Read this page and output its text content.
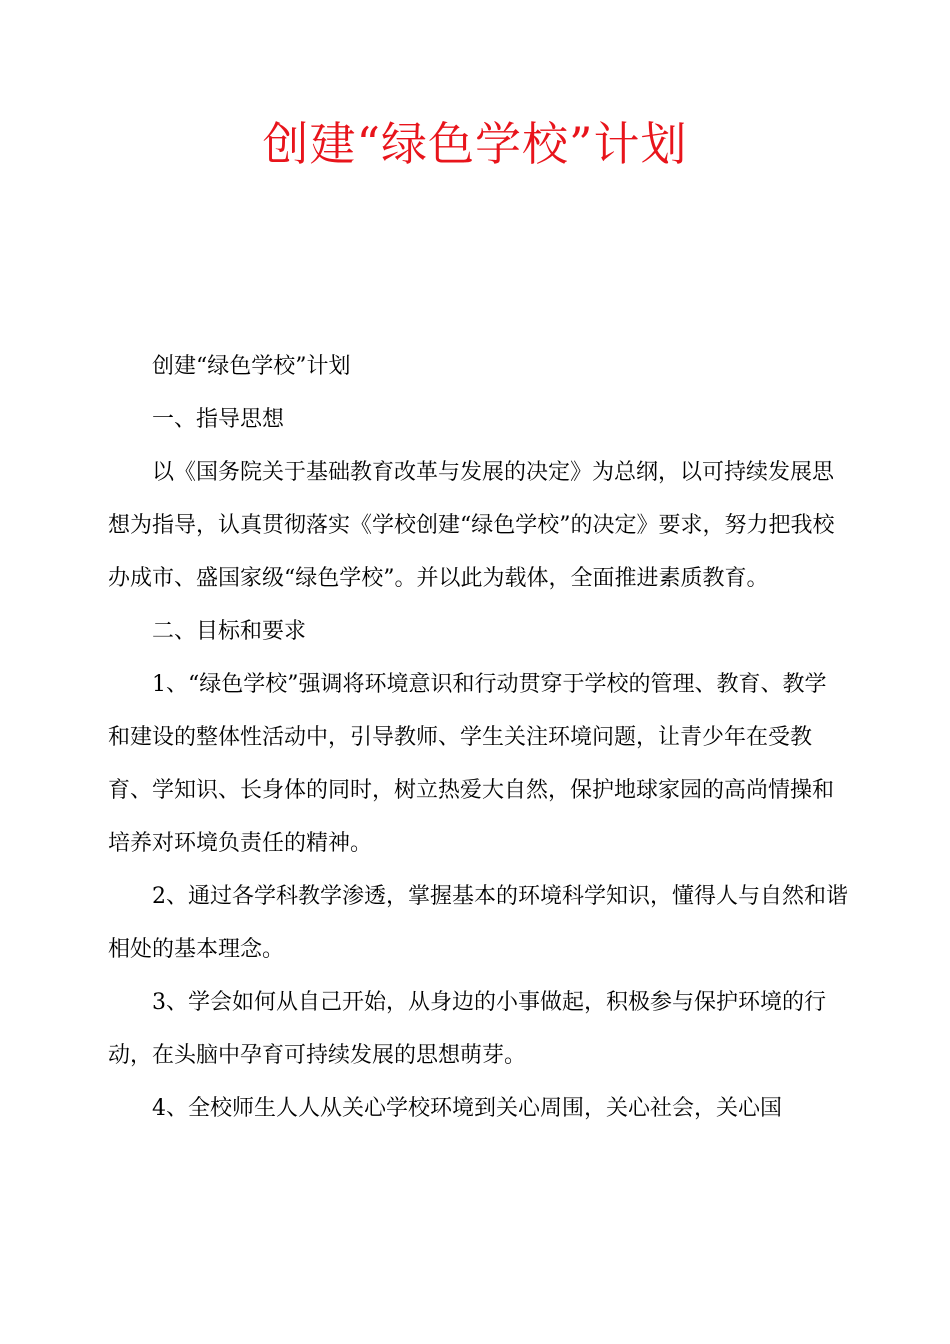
创建“绿色学校”计划

创建“绿色学校”计划

一、指导思想

以《国务院关于基础教育改革与发展的决定》为总纲，以可持续发展思想为指导，认真贯彻落实《学校创建“绿色学校”的决定》要求，努力把我校办成市、盛国家级“绿色学校”。并以此为载体，全面推进素质教育。

二、目标和要求

1、“绿色学校”强调将环境意识和行动贯穿于学校的管理、教育、教学和建设的整体性活动中，引导教师、学生关注环境问题，让青少年在受教育、学知识、长身体的同时，树立热爱大自然，保护地球家园的高尚情操和培养对环境负责任的精神。

2、通过各学科教学渗透，掌握基本的环境科学知识，懂得人与自然和谐相处的基本理念。

3、学会如何从自己开始，从身边的小事做起，积极参与保护环境的行动，在头脑中孕育可持续发展的思想萌芽。

4、全校师生人人从关心学校环境到关心周围，关心社会，关心国
